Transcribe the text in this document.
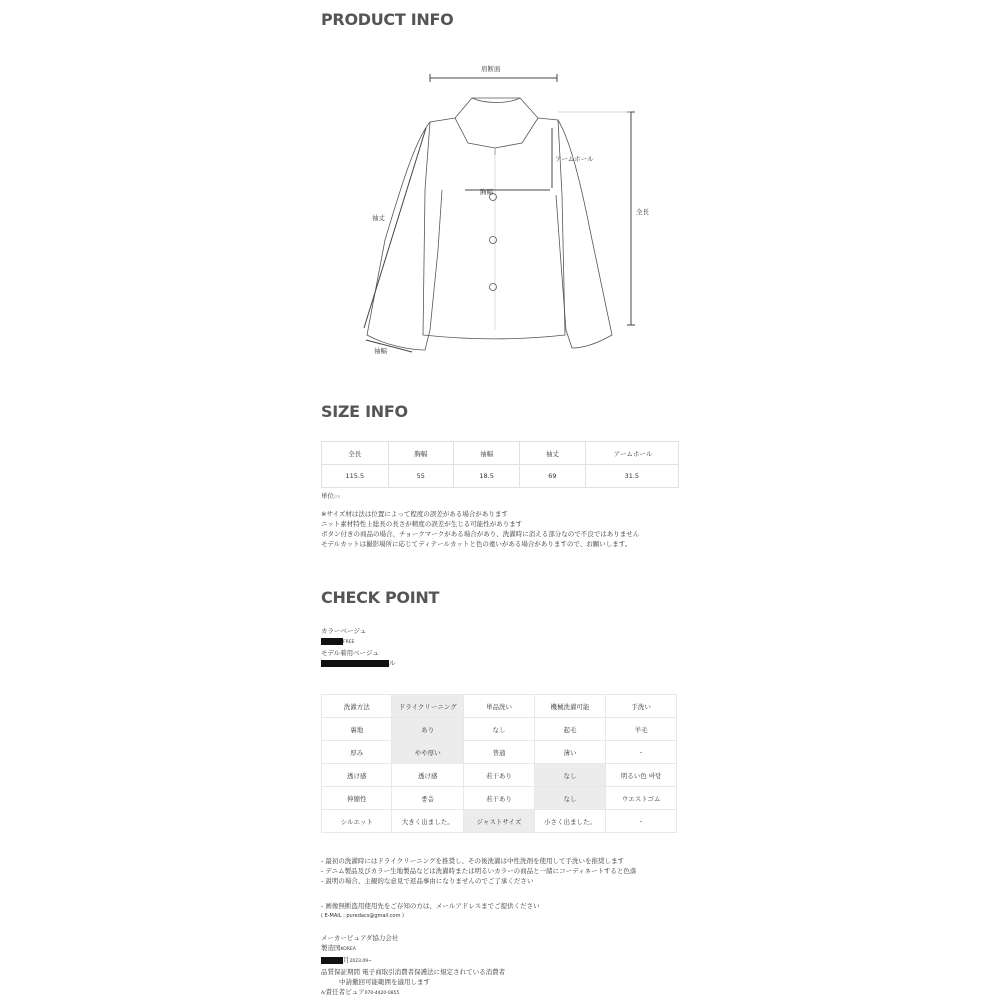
PRODUCT INFO
肩断面
アームホール
胸幅
全長
袖丈
袖幅
SIZE INFO
全長	胸幅	袖幅	袖丈	アームホール
115.5	55	18.5	69	31.5
単位cm
※サイズ材は法は位置によって程度の誤差がある場合があります
ニット素材特性上総長の長さが精度の誤差が生じる可能性があります
ボタン付きの商品の場合、チョークマークがある場合があり、洗濯時に消える部分なので不良ではありません
モデルカットは撮影場所に応じてディテールカットと色の違いがある場合がありますので、お願いします。
CHECK POINT
カラーベージュ
FREE
モデル着用ベージュ
ル
洗濯方法	ドライクリーニング	単品洗い	機械洗濯可能	手洗い
裏地	あり	なし	起毛	羊毛
厚み	やや厚い	普通	薄い	-
透け感	透け感	若干あり	なし	明るい色 바탕
伸縮性	좋음	若干あり	なし	ウエストゴム
シルエット	大きく出ました。	ジャストサイズ	小さく出ました。	-
- 最初の洗濯時にはドライクリーニングを推奨し、その後洗濯は中性洗剤を使用して手洗いを推奨します
- デニム製品及びカラー生地製品などは洗濯時または明るいカラーの商品と一緒にコーディネートすると色落
- 説明の場合、主観的な意見で返品事由になりませんのでご了承ください
- 画像無断盗用使用先をご存知の方は、メールアドレスまでご提供ください
( E-MAIL : puredacs@gmail.com )
メーカーピュアダ協力会社
製造国KOREA
月2023.09~
品質保証期間 電子商取引消費者保護法に規定されている消費者
中請撤回可能範囲を適用します
A/責任者ピュア070-4420-0855
